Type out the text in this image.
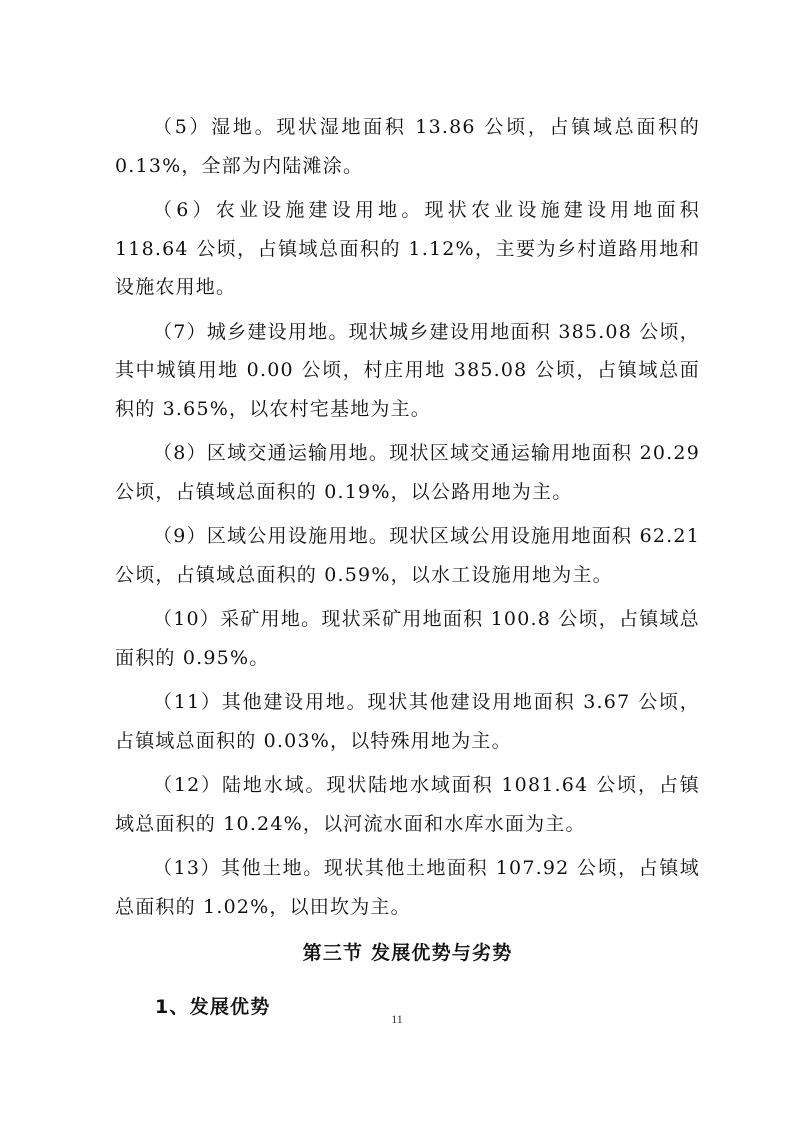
（5）湿地。现状湿地面积 13.86 公顷，占镇域总面积的 0.13%，全部为内陆滩涂。

（6）农业设施建设用地。现状农业设施建设用地面积 118.64 公顷，占镇域总面积的 1.12%，主要为乡村道路用地和设施农用地。

（7）城乡建设用地。现状城乡建设用地面积 385.08 公顷，其中城镇用地 0.00 公顷，村庄用地 385.08 公顷，占镇域总面积的 3.65%，以农村宅基地为主。

（8）区域交通运输用地。现状区域交通运输用地面积 20.29 公顷，占镇域总面积的 0.19%，以公路用地为主。

（9）区域公用设施用地。现状区域公用设施用地面积 62.21 公顷，占镇域总面积的 0.59%，以水工设施用地为主。

（10）采矿用地。现状采矿用地面积 100.8 公顷，占镇域总面积的 0.95%。

（11）其他建设用地。现状其他建设用地面积 3.67 公顷，占镇域总面积的 0.03%，以特殊用地为主。

（12）陆地水域。现状陆地水域面积 1081.64 公顷，占镇域总面积的 10.24%，以河流水面和水库水面为主。

（13）其他土地。现状其他土地面积 107.92 公顷，占镇域总面积的 1.02%，以田坎为主。

第三节 发展优势与劣势
1、发展优势
11
